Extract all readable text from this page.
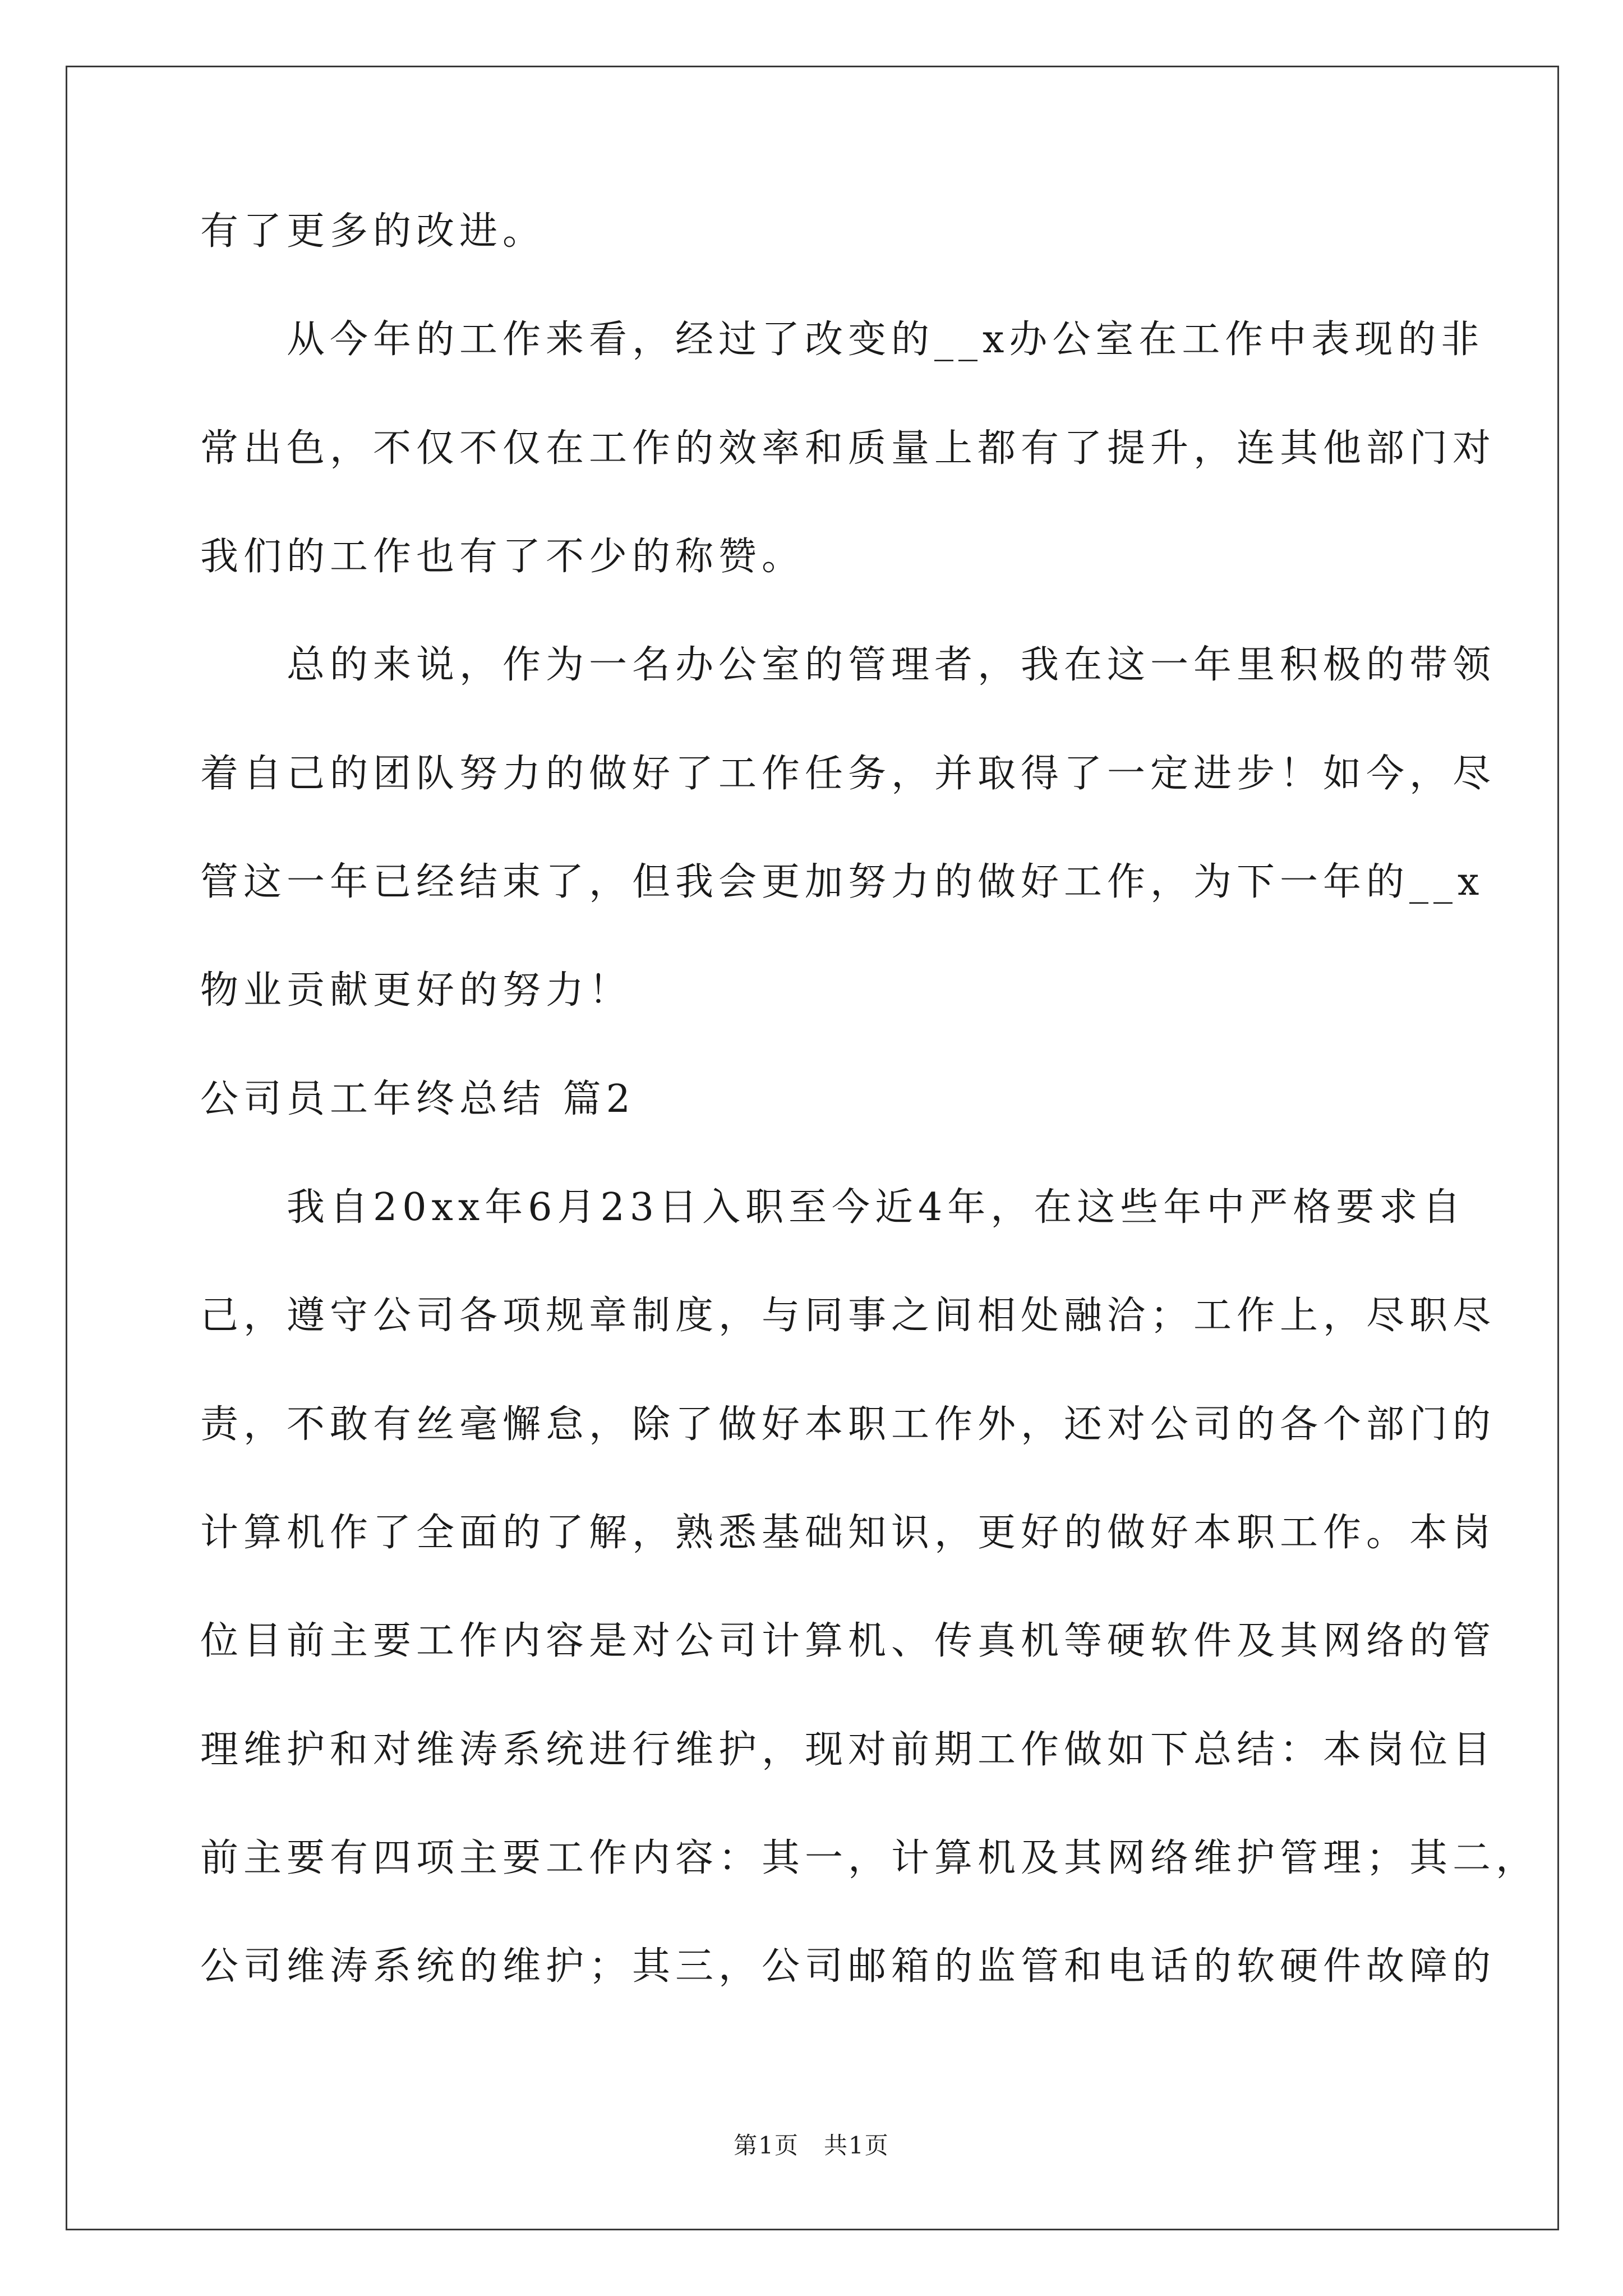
有了更多的改进。
　　从今年的工作来看，经过了改变的__x办公室在工作中表现的非
常出色，不仅不仅在工作的效率和质量上都有了提升，连其他部门对
我们的工作也有了不少的称赞。
　　总的来说，作为一名办公室的管理者，我在这一年里积极的带领
着自己的团队努力的做好了工作任务，并取得了一定进步！如今，尽
管这一年已经结束了，但我会更加努力的做好工作，为下一年的__x
物业贡献更好的努力！
公司员工年终总结 篇2
　　我自20xx年6月23日入职至今近4年，在这些年中严格要求自
己，遵守公司各项规章制度，与同事之间相处融洽；工作上，尽职尽
责，不敢有丝毫懈怠，除了做好本职工作外，还对公司的各个部门的
计算机作了全面的了解，熟悉基础知识，更好的做好本职工作。本岗
位目前主要工作内容是对公司计算机、传真机等硬软件及其网络的管
理维护和对维涛系统进行维护，现对前期工作做如下总结：本岗位目
前主要有四项主要工作内容：其一，计算机及其网络维护管理；其二，
公司维涛系统的维护；其三，公司邮箱的监管和电话的软硬件故障的
第1页　共1页
